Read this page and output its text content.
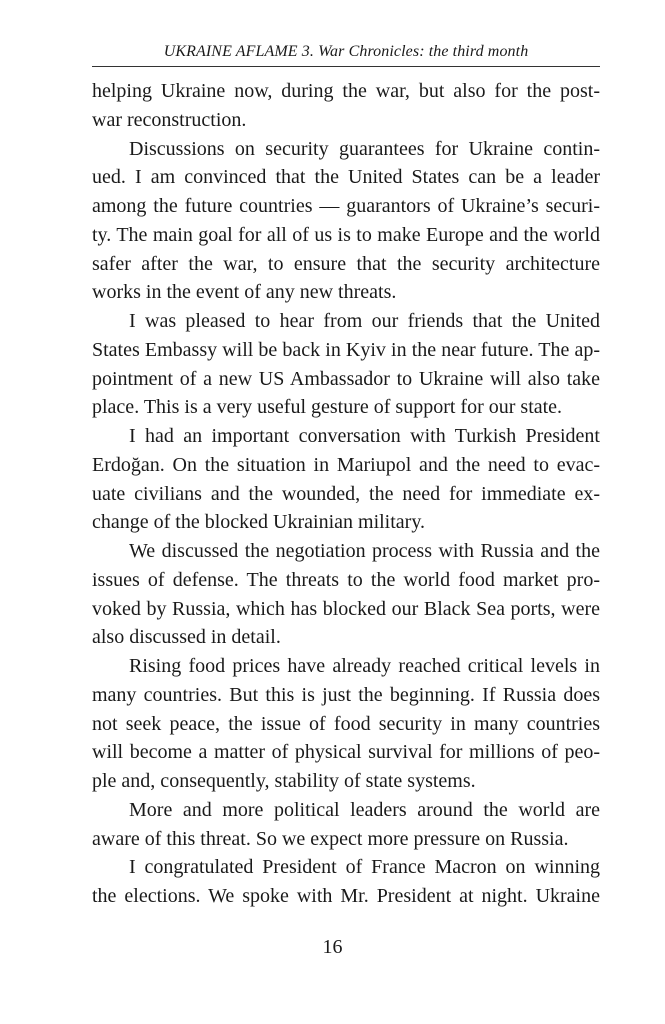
UKRAINE AFLAME 3. War Chronicles: the third month

helping Ukraine now, during the war, but also for the post-
war reconstruction.

Discussions on security guarantees for Ukraine contin-
ued. I am convinced that the United States can be a leader
among the future countries — guarantors of Ukraine’s securi-
ty. The main goal for all of us is to make Europe and the world
safer after the war, to ensure that the security architecture
works in the event of any new threats.

I was pleased to hear from our friends that the United
States Embassy will be back in Kyiv in the near future. The ap-
pointment of a new US Ambassador to Ukraine will also take
place. This is a very useful gesture of support for our state.

I had an important conversation with Turkish President
Erdoğan. On the situation in Mariupol and the need to evac-
uate civilians and the wounded, the need for immediate ex-
change of the blocked Ukrainian military.

We discussed the negotiation process with Russia and the
issues of defense. The threats to the world food market pro-
voked by Russia, which has blocked our Black Sea ports, were
also discussed in detail.

Rising food prices have already reached critical levels in
many countries. But this is just the beginning. If Russia does
not seek peace, the issue of food security in many countries
will become a matter of physical survival for millions of peo-
ple and, consequently, stability of state systems.

More and more political leaders around the world are
aware of this threat. So we expect more pressure on Russia.

I congratulated President of France Macron on winning
the elections. We spoke with Mr. President at night. Ukraine

16
